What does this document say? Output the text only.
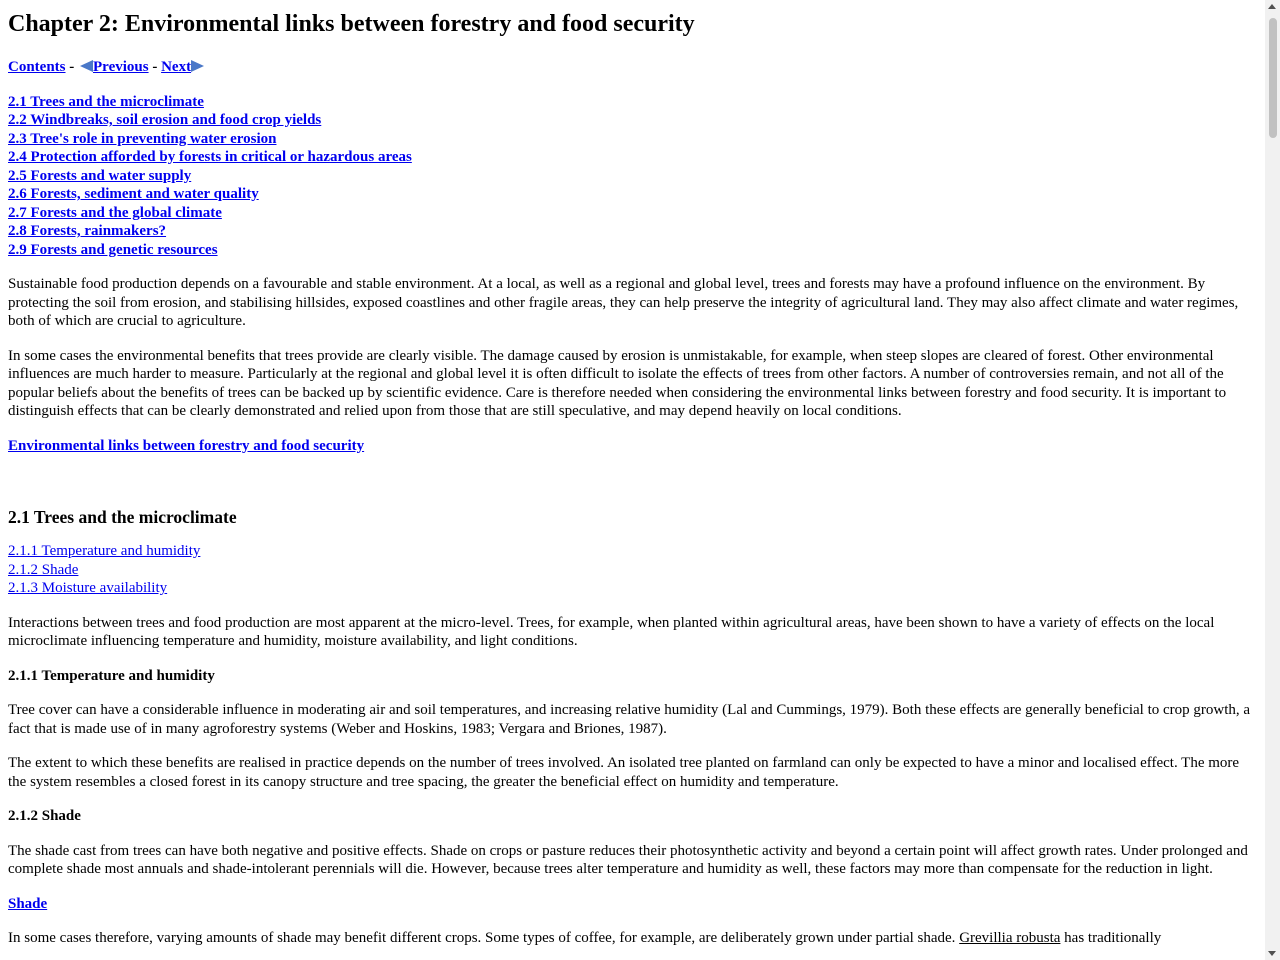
Chapter 2: Environmental links between forestry and food security
Contents - Previous - Next
2.1 Trees and the microclimate
2.2 Windbreaks, soil erosion and food crop yields
2.3 Tree's role in preventing water erosion
2.4 Protection afforded by forests in critical or hazardous areas
2.5 Forests and water supply
2.6 Forests, sediment and water quality
2.7 Forests and the global climate
2.8 Forests, rainmakers?
2.9 Forests and genetic resources

Sustainable food production depends on a favourable and stable environment. At a local, as well as a regional and global level, trees and forests may have a profound influence on the environment. By protecting the soil from erosion, and stabilising hillsides, exposed coastlines and other fragile areas, they can help preserve the integrity of agricultural land. They may also affect climate and water regimes, both of which are crucial to agriculture.

In some cases the environmental benefits that trees provide are clearly visible. The damage caused by erosion is unmistakable, for example, when steep slopes are cleared of forest. Other environmental influences are much harder to measure. Particularly at the regional and global level it is often difficult to isolate the effects of trees from other factors. A number of controversies remain, and not all of the popular beliefs about the benefits of trees can be backed up by scientific evidence. Care is therefore needed when considering the environmental links between forestry and food security. It is important to distinguish effects that can be clearly demonstrated and relied upon from those that are still speculative, and may depend heavily on local conditions.

Environmental links between forestry and food security
2.1 Trees and the microclimate
2.1.1 Temperature and humidity
2.1.2 Shade
2.1.3 Moisture availability

Interactions between trees and food production are most apparent at the micro-level. Trees, for example, when planted within agricultural areas, have been shown to have a variety of effects on the local microclimate influencing temperature and humidity, moisture availability, and light conditions.

2.1.1 Temperature and humidity

Tree cover can have a considerable influence in moderating air and soil temperatures, and increasing relative humidity (Lal and Cummings, 1979). Both these effects are generally beneficial to crop growth, a fact that is made use of in many agroforestry systems (Weber and Hoskins, 1983; Vergara and Briones, 1987).

The extent to which these benefits are realised in practice depends on the number of trees involved. An isolated tree planted on farmland can only be expected to have a minor and localised effect. The more the system resembles a closed forest in its canopy structure and tree spacing, the greater the beneficial effect on humidity and temperature.

2.1.2 Shade

The shade cast from trees can have both negative and positive effects. Shade on crops or pasture reduces their photosynthetic activity and beyond a certain point will affect growth rates. Under prolonged and complete shade most annuals and shade-intolerant perennials will die. However, because trees alter temperature and humidity as well, these factors may more than compensate for the reduction in light.

Shade

In some cases therefore, varying amounts of shade may benefit different crops. Some types of coffee, for example, are deliberately grown under partial shade. Grevillia robusta has traditionally
